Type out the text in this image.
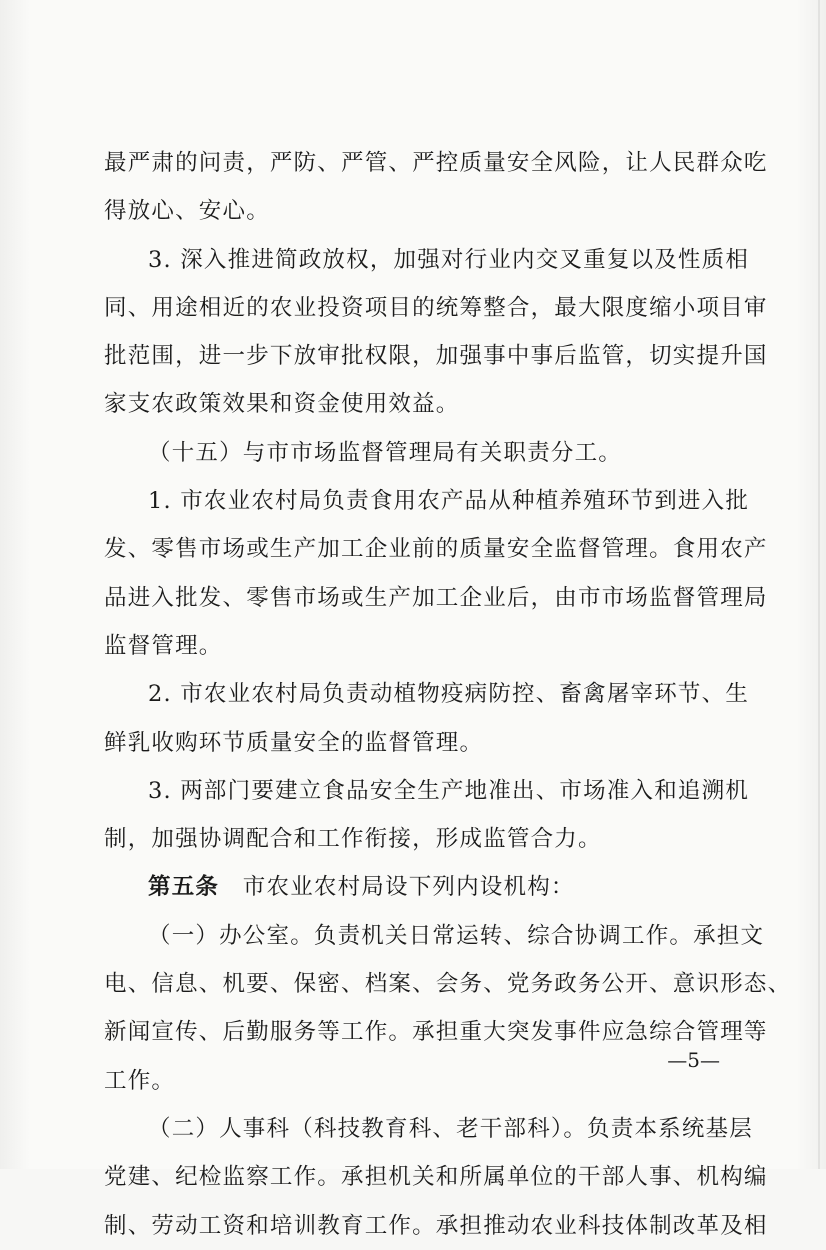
最严肃的问责，严防、严管、严控质量安全风险，让人民群众吃
得放心、安心。
3. 深入推进简政放权，加强对行业内交叉重复以及性质相
同、用途相近的农业投资项目的统筹整合，最大限度缩小项目审
批范围，进一步下放审批权限，加强事中事后监管，切实提升国
家支农政策效果和资金使用效益。
（十五）与市市场监督管理局有关职责分工。
1. 市农业农村局负责食用农产品从种植养殖环节到进入批
发、零售市场或生产加工企业前的质量安全监督管理。食用农产
品进入批发、零售市场或生产加工企业后，由市市场监督管理局
监督管理。
2. 市农业农村局负责动植物疫病防控、畜禽屠宰环节、生
鲜乳收购环节质量安全的监督管理。
3. 两部门要建立食品安全生产地准出、市场准入和追溯机
制，加强协调配合和工作衔接，形成监管合力。
第五条　市农业农村局设下列内设机构：
（一）办公室。负责机关日常运转、综合协调工作。承担文
电、信息、机要、保密、档案、会务、党务政务公开、意识形态、
新闻宣传、后勤服务等工作。承担重大突发事件应急综合管理等
工作。
（二）人事科（科技教育科、老干部科）。负责本系统基层
党建、纪检监察工作。承担机关和所属单位的干部人事、机构编
制、劳动工资和培训教育工作。承担推动农业科技体制改革及相
—5—
